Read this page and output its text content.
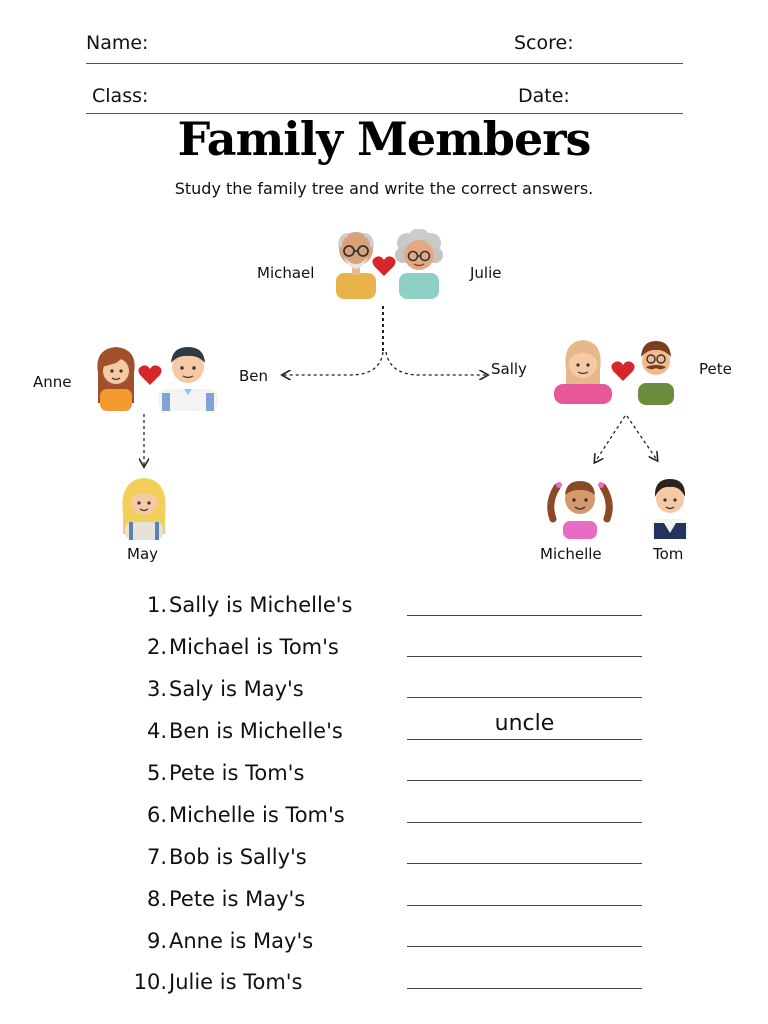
Name:	Score:
Class:	Date:
Family Members
Study the family tree and write the correct answers.
Michael	Julie
Anne	Ben	Sally	Pete
May	Michelle	Tom
1. Sally is Michelle's
2. Michael is Tom's
3. Saly is May's
4. Ben is Michelle's	uncle
5. Pete is Tom's
6. Michelle is Tom's
7. Bob is Sally's
8. Pete is May's
9. Anne is May's
10. Julie is Tom's
